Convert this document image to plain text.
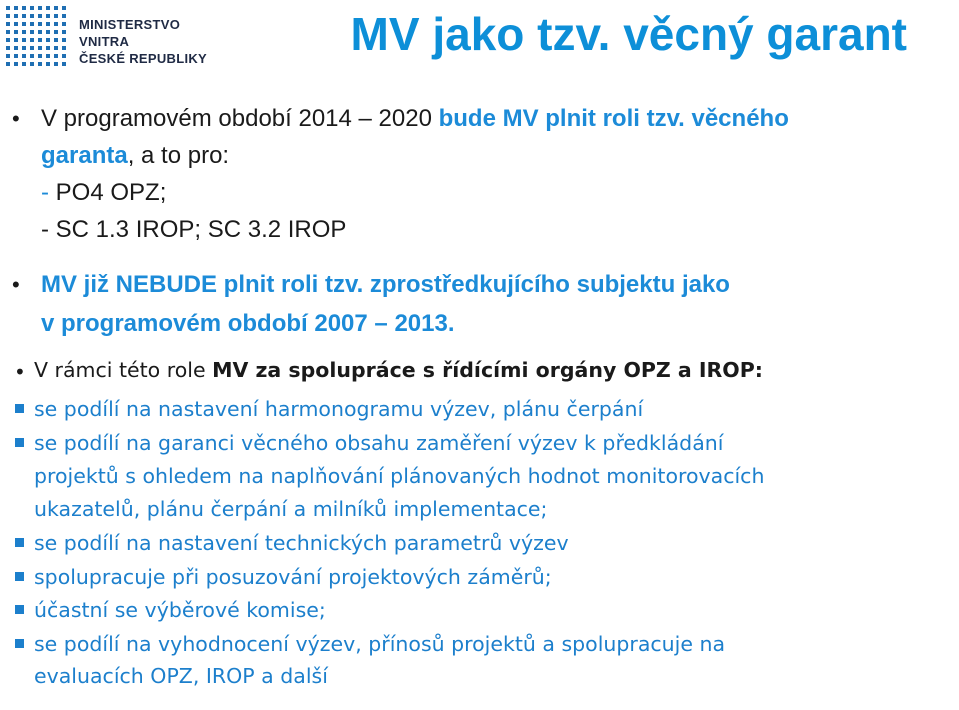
MINISTERSTVO VNITRA
ČESKÉ REPUBLIKY	MV jako tzv. věcný garant
• V programovém období 2014 – 2020 bude MV plnit roli tzv. věcného
garanta, a to pro:
- PO4 OPZ;
- SC 1.3 IROP; SC 3.2 IROP
• MV již NEBUDE plnit roli tzv. zprostředkujícího subjektu jako
v programovém období 2007 – 2013.
• V rámci této role MV za spolupráce s řídícími orgány OPZ a IROP:
se podílí na nastavení harmonogramu výzev, plánu čerpání
se podílí na garanci věcného obsahu zaměření výzev k předkládání
projektů s ohledem na naplňování plánovaných hodnot monitorovacích
ukazatelů, plánu čerpání a milníků implementace;
se podílí na nastavení technických parametrů výzev
spolupracuje při posuzování projektových záměrů;
účastní se výběrové komise;
se podílí na vyhodnocení výzev, přínosů projektů a spolupracuje na
evaluacích OPZ, IROP a další
